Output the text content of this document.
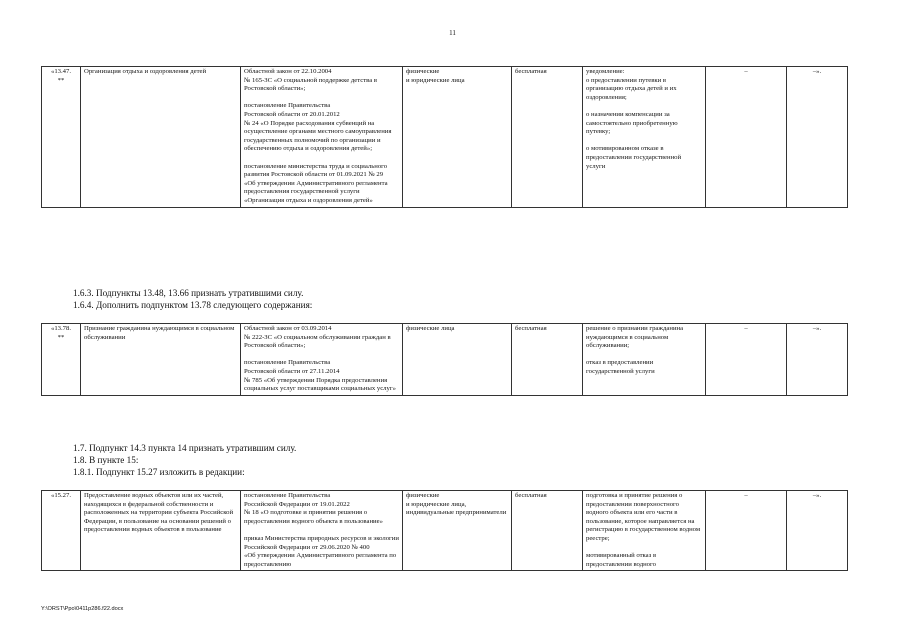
11
«13.47.
**	Организация отдыха и оздоровления детей	Областной закон от 22.10.2004
№ 165-ЗС «О социальной поддержке детства в Ростовской области»;
постановление Правительства
Ростовской области от 20.01.2012
№ 24 «О Порядке расходования субвенций на осуществление органами местного самоуправления государственных полномочий по организации и обеспечению отдыха и оздоровления детей»;
постановление министерства труда и социального развития Ростовской области от 01.09.2021 № 29
«Об утверждении Административного регламента предоставления государственной услуги «Организация отдыха и оздоровления детей»
	физические
и юридические лица	бесплатная	уведомление:
о предоставлении путевки в организацию отдыха детей и их оздоровления;
о назначении компенсации за самостоятельно приобретенную путевку;
о мотивированном отказе в предоставлении государственной услуги
	–	–».
1.6.3. Подпункты 13.48, 13.66 признать утратившими силу.
1.6.4. Дополнить подпунктом 13.78 следующего содержания:
«13.78.
**	Признание гражданина нуждающимся в социальном обслуживании	
Областной закон от 03.09.2014
№ 222-ЗС «О социальном обслуживании граждан в Ростовской области»;
постановление Правительства
Ростовской области от 27.11.2014
№ 785 «Об утверждении Порядка предоставления социальных услуг поставщиками социальных услуг»
	физические лица	бесплатная	решение о признании гражданина нуждающимся в социальном обслуживании;
отказ в предоставлении государственной услуги
	–	–».
1.7. Подпункт 14.3 пункта 14 признать утратившим силу.
1.8. В пункте 15:
1.8.1. Подпункт 15.27 изложить в редакции:
«15.27.	Предоставление водных объектов или их частей, находящихся в федеральной собственности и расположенных на территории субъекта Российской Федерации, в пользование на основании решений о предоставлении водных объектов в пользование	
постановление Правительства
Российской Федерации от 19.01.2022
№ 18 «О подготовке и принятии решения о предоставлении водного объекта в пользование»
приказ Министерства природных ресурсов и экологии Российской Федерации от 29.06.2020 № 400
«Об утверждении Административного регламента по предоставлению
	физические
и юридические лица, индивидуальные предприниматели	бесплатная	подготовка и принятие решения о предоставлении поверхностного водного объекта или его части в пользование, которое направляется на регистрацию в государственном водном реестре;
мотивированный отказ в предоставлении водного
	–	–».
Y:\ORST\Ppo\0411p286.f22.docx
